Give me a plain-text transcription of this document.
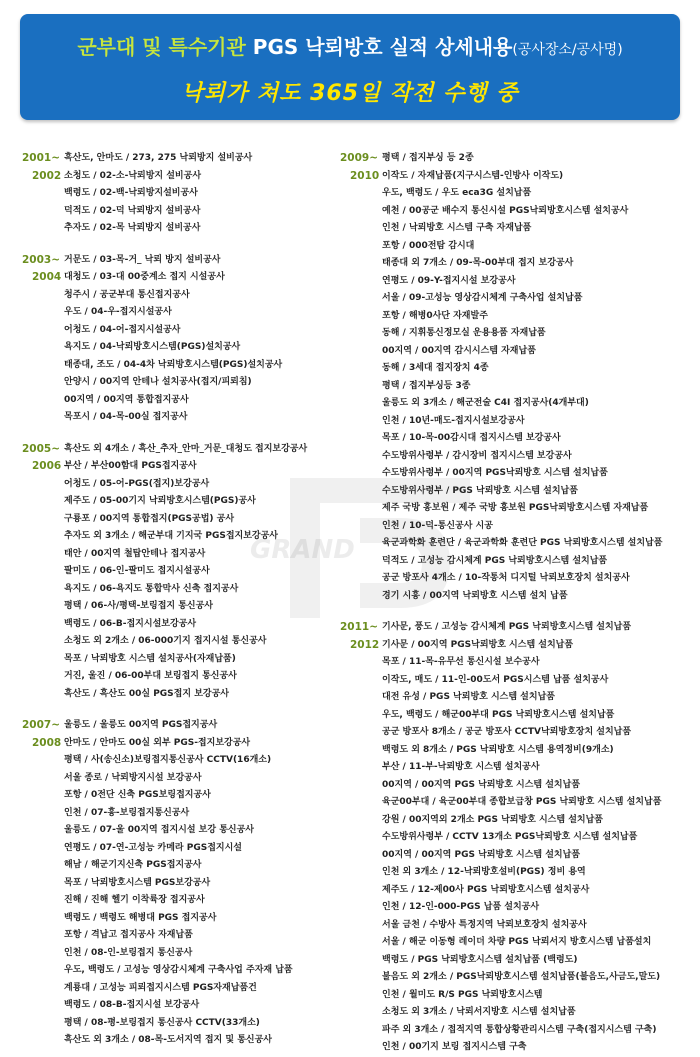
군부대 및 특수기관 PGS 낙뢰방호 실적 상세내용(공사장소/공사명)
낙뢰가 쳐도 365일 작전 수행 중
GRAND
2001~
2002
흑산도, 안마도 / 273, 275 낙뢰방지 설비공사
소청도 / 02-소-낙뢰방지 설비공사
백령도 / 02-백-낙뢰방지설비공사
덕적도 / 02-덕 낙뢰방지 설비공사
추자도 / 02-목 낙뢰방지 설비공사
2003~
2004
거문도 / 03-목-거_ 낙뢰 방지 설비공사
대청도 / 03-대 00중계소 접지 시설공사
청주시 / 공군부대 통신접지공사
우도 / 04-우-접지시설공사
어청도 / 04-어-접지시설공사
욕지도 / 04-낙뢰방호시스템(PGS)설치공사
태종대, 조도 / 04-4차 낙뢰방호시스템(PGS)설치공사
안양시 / 00지역 안테나 설치공사(접지/피뢰침)
00지역 / 00지역 통합접지공사
목포시 / 04-목-00실 접지공사
2005~
2006
흑산도 외 4개소 / 흑산_추자_안마_거문_대청도 접지보강공사
부산 / 부산00함대 PGS접지공사
어청도 / 05-어-PGS(접지)보강공사
제주도 / 05-00기지 낙뢰방호시스템(PGS)공사
구룡포 / 00지역 통합접지(PGS공법) 공사
추자도 외 3개소 / 해군부대 기지국 PGS접지보강공사
태안 / 00지역 철탑안테나 접지공사
팔미도 / 06-인-팔미도 접지시설공사
욕지도 / 06-욕지도 통합막사 신축 접지공사
평택 / 06-사/평택-보링접지 통신공사
백령도 / 06-B-접지시설보강공사
소청도 외 2개소 / 06-000기지 접지시설 통신공사
목포 / 낙뢰방호 시스템 설치공사(자재납품)
거진, 울진 / 06-00부대 보링접지 통신공사
흑산도 / 흑산도 00실 PGS접지 보강공사
2007~
2008
울릉도 / 울릉도 00지역 PGS접지공사
안마도 / 안마도 00실 외부 PGS-접지보강공사
평택 / 사(송신소)보링접지통신공사 CCTV(16개소)
서울 종로 / 낙뢰방지시설 보강공사
포항 / 0전단 신축 PGS보링접지공사
인천 / 07-흥-보링접지통신공사
울릉도 / 07-울 00지역 접지시설 보강 통신공사
연평도 / 07-연-고성능 카메라 PGS접지시설
해남 / 해군기지신축 PGS접지공사
목포 / 낙뢰방호시스템 PGS보강공사
진해 / 진해 헬기 이착륙장 접지공사
백령도 / 백령도 해병대 PGS 접지공사
포항 / 격납고 접지공사 자재납품
인천 / 08-인-보링접지 통신공사
우도, 백령도 / 고성능 영상감시체계 구축사업 주자재 납품
계룡대 / 고성능 피뢰접지시스템 PGS자재납품건
백령도 / 08-B-접지시설 보강공사
평택 / 08-평-보링접지 통신공사 CCTV(33개소)
흑산도 외 3개소 / 08-목-도서지역 접지 및 통신공사
2009~
2010
평택 / 접지부싱 등 2종
이작도 / 자재납품(지구시스템-인방사 이작도)
우도, 백령도 / 우도 eca3G 설치납품
예천 / 00공군 배수지 통신시설 PGS낙뢰방호시스템 설치공사
인천 / 낙뢰방호 시스템 구축 자재납품
포항 / 000전탐 감시대
태종대 외 7개소 / 09-목-00부대 접지 보강공사
연평도 / 09-Y-접지시설 보강공사
서울 / 09-고성능 영상감시체계 구축사업 설치납품
포항 / 해병0사단 자재발주
동해 / 지휘통신정모실 운용용품 자재납품
00지역 / 00지역 감시시스템 자재납품
동해 / 3세대 접지장치 4종
평택 / 접지부싱등 3종
울릉도 외 3개소 / 해군전술 C4I 접지공사(4개부대)
인천 / 10년-매도-접지시설보강공사
목포 / 10-목-00감시대 접지시스템 보강공사
수도방위사령부 / 감시장비 접지시스템 보강공사
수도방위사령부 / 00지역 PGS낙뢰방호 시스템 설치납품
수도방위사령부 / PGS 낙뢰방호 시스템 설치납품
제주 국방 홍보원 / 제주 국방 홍보원 PGS낙뢰방호시스템 자재납품
인천 / 10-덕-통신공사 시공
육군과학화 훈련단 / 육군과학화 훈련단 PGS 낙뢰방호시스템 설치납품
덕적도 / 고성능 감시체계 PGS 낙뢰방호시스템 설치납품
공군 방포사 4개소 / 10-작통처 디지털 낙뢰보호장치 설치공사
경기 시흥 / 00지역 낙뢰방호 시스템 설치 납품
2011~
2012
기사문, 풍도 / 고성능 감시체계 PGS 낙뢰방호시스템 설치납품
기사문 / 00지역 PGS낙뢰방호 시스템 설치납품
목포 / 11-목-유무선 통신시설 보수공사
이작도, 매도 / 11-인-00도서 PGS시스템 납품 설치공사
대전 유성 / PGS 낙뢰방호 시스템 설치납품
우도, 백령도 / 해군00부대 PGS 낙뢰방호시스템 설치납품
공군 방포사 8개소 / 공군 방포사 CCTV낙뢰방호장치 설치납품
백령도 외 8개소 / PGS 낙뢰방호 시스템 용역정비(9개소)
부산 / 11-부-낙뢰방호 시스템 설치공사
00지역 / 00지역 PGS 낙뢰방호 시스템 설치납품
육군00부대 / 육군00부대 종합보급창 PGS 낙뢰방호 시스템 설치납품
강원 / 00지역외 2개소 PGS 낙뢰방호 시스템 설치납품
수도방위사령부 / CCTV 13개소 PGS낙뢰방호 시스템 설치납품
00지역 / 00지역 PGS 낙뢰방호 시스템 설치납품
인천 외 3개소 / 12-낙뢰방호설비(PGS) 정비 용역
제주도 / 12-제00사 PGS 낙뢰방호시스템 설치공사
인천 / 12-인-000-PGS 납품 설치공사
서울 금천 / 수방사 특정지역 낙뢰보호장치 설치공사
서울 / 해군 이동형 레이더 차량 PGS 낙뢰서지 방호시스템 납품설치
백령도 / PGS 낙뢰방호시스템 설치납품 (백령도)
불음도 외 2개소 / PGS낙뢰방호시스템 설치납품(불음도,사금도,말도)
인천 / 월미도 R/S PGS 낙뢰방호시스템
소청도 외 3개소 / 낙뢰서지방호 시스템 설치납품
파주 외 3개소 / 접적지역 통합상황관리시스템 구축(접지시스템 구축)
인천 / 00기지 보링 접지시스템 구축
